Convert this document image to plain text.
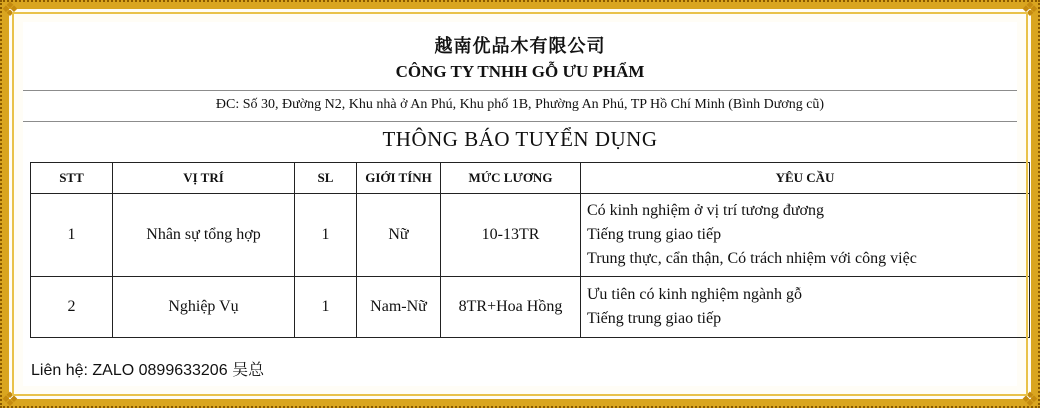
❖	❖
❖	❖
越南优品木有限公司
CÔNG TY TNHH GỖ ƯU PHẨM
ĐC: Số 30, Đường N2, Khu nhà ở An Phú, Khu phố 1B, Phường An Phú, TP Hồ Chí Minh (Bình Dương cũ)
THÔNG BÁO TUYỂN DỤNG
STT	VỊ TRÍ	SL	GIỚI TÍNH	MỨC LƯƠNG	YÊU CẦU
1	Nhân sự tổng hợp	1	Nữ	10-13TR	Có kinh nghiệm ở vị trí tương đương
Tiếng trung giao tiếp
Trung thực, cẩn thận, Có trách nhiệm với công việc

2	Nghiệp Vụ	1	Nam-Nữ	8TR+Hoa Hồng	Ưu tiên có kinh nghiệm ngành gỗ
Tiếng trung giao tiếp
Liên hệ: ZALO 0899633206 吴总
